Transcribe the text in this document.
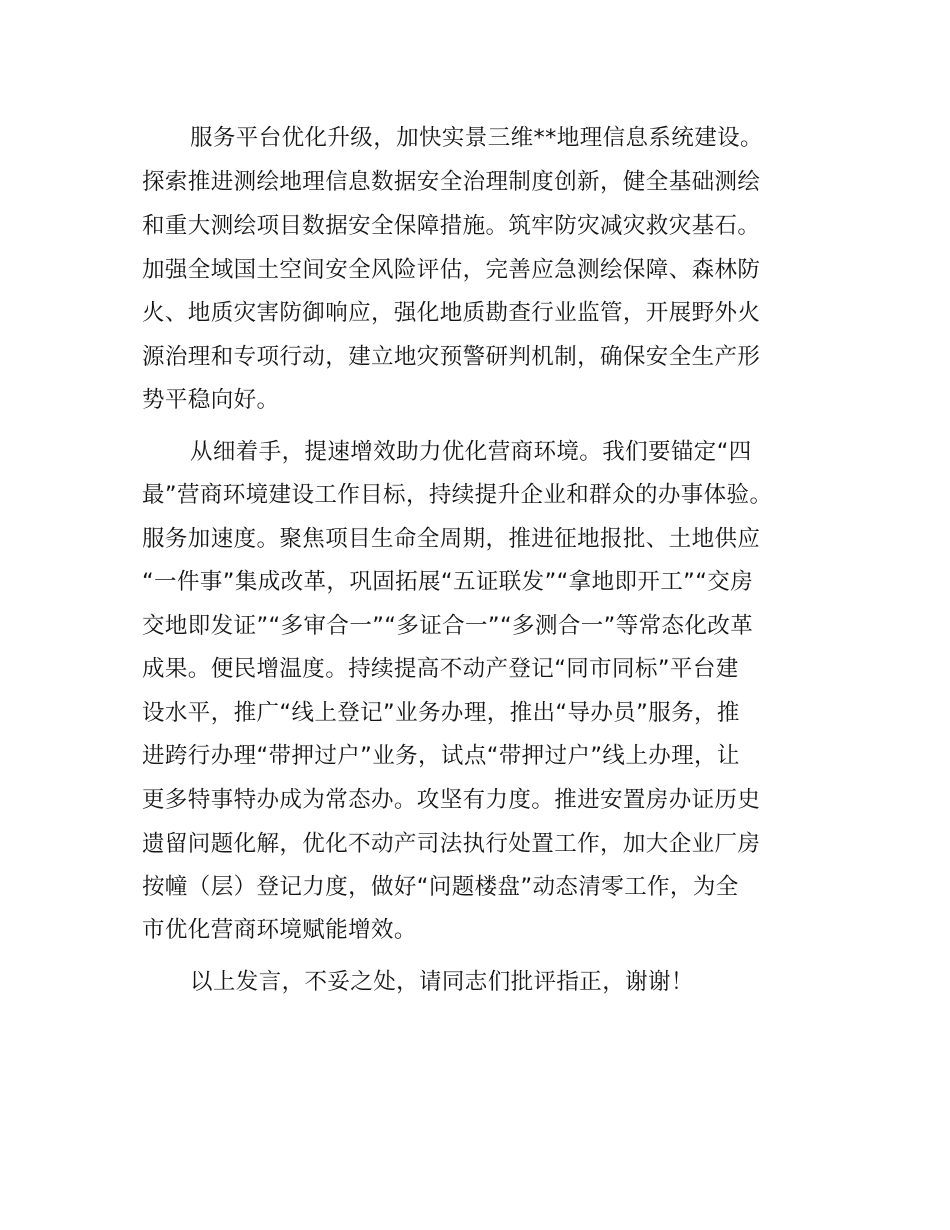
服务平台优化升级，加快实景三维**地理信息系统建设。
探索推进测绘地理信息数据安全治理制度创新，健全基础测绘
和重大测绘项目数据安全保障措施。筑牢防灾减灾救灾基石。
加强全域国土空间安全风险评估，完善应急测绘保障、森林防
火、地质灾害防御响应，强化地质勘查行业监管，开展野外火
源治理和专项行动，建立地灾预警研判机制，确保安全生产形
势平稳向好。
从细着手，提速增效助力优化营商环境。我们要锚定“四
最”营商环境建设工作目标，持续提升企业和群众的办事体验。
服务加速度。聚焦项目生命全周期，推进征地报批、土地供应
“一件事”集成改革，巩固拓展“五证联发”“拿地即开工”“交房
交地即发证”“多审合一”“多证合一”“多测合一”等常态化改革
成果。便民增温度。持续提高不动产登记“同市同标”平台建
设水平，推广“线上登记”业务办理，推出“导办员”服务，推
进跨行办理“带押过户”业务，试点“带押过户”线上办理，让
更多特事特办成为常态办。攻坚有力度。推进安置房办证历史
遗留问题化解，优化不动产司法执行处置工作，加大企业厂房
按幢（层）登记力度，做好“问题楼盘”动态清零工作，为全
市优化营商环境赋能增效。
以上发言，不妥之处，请同志们批评指正，谢谢！
